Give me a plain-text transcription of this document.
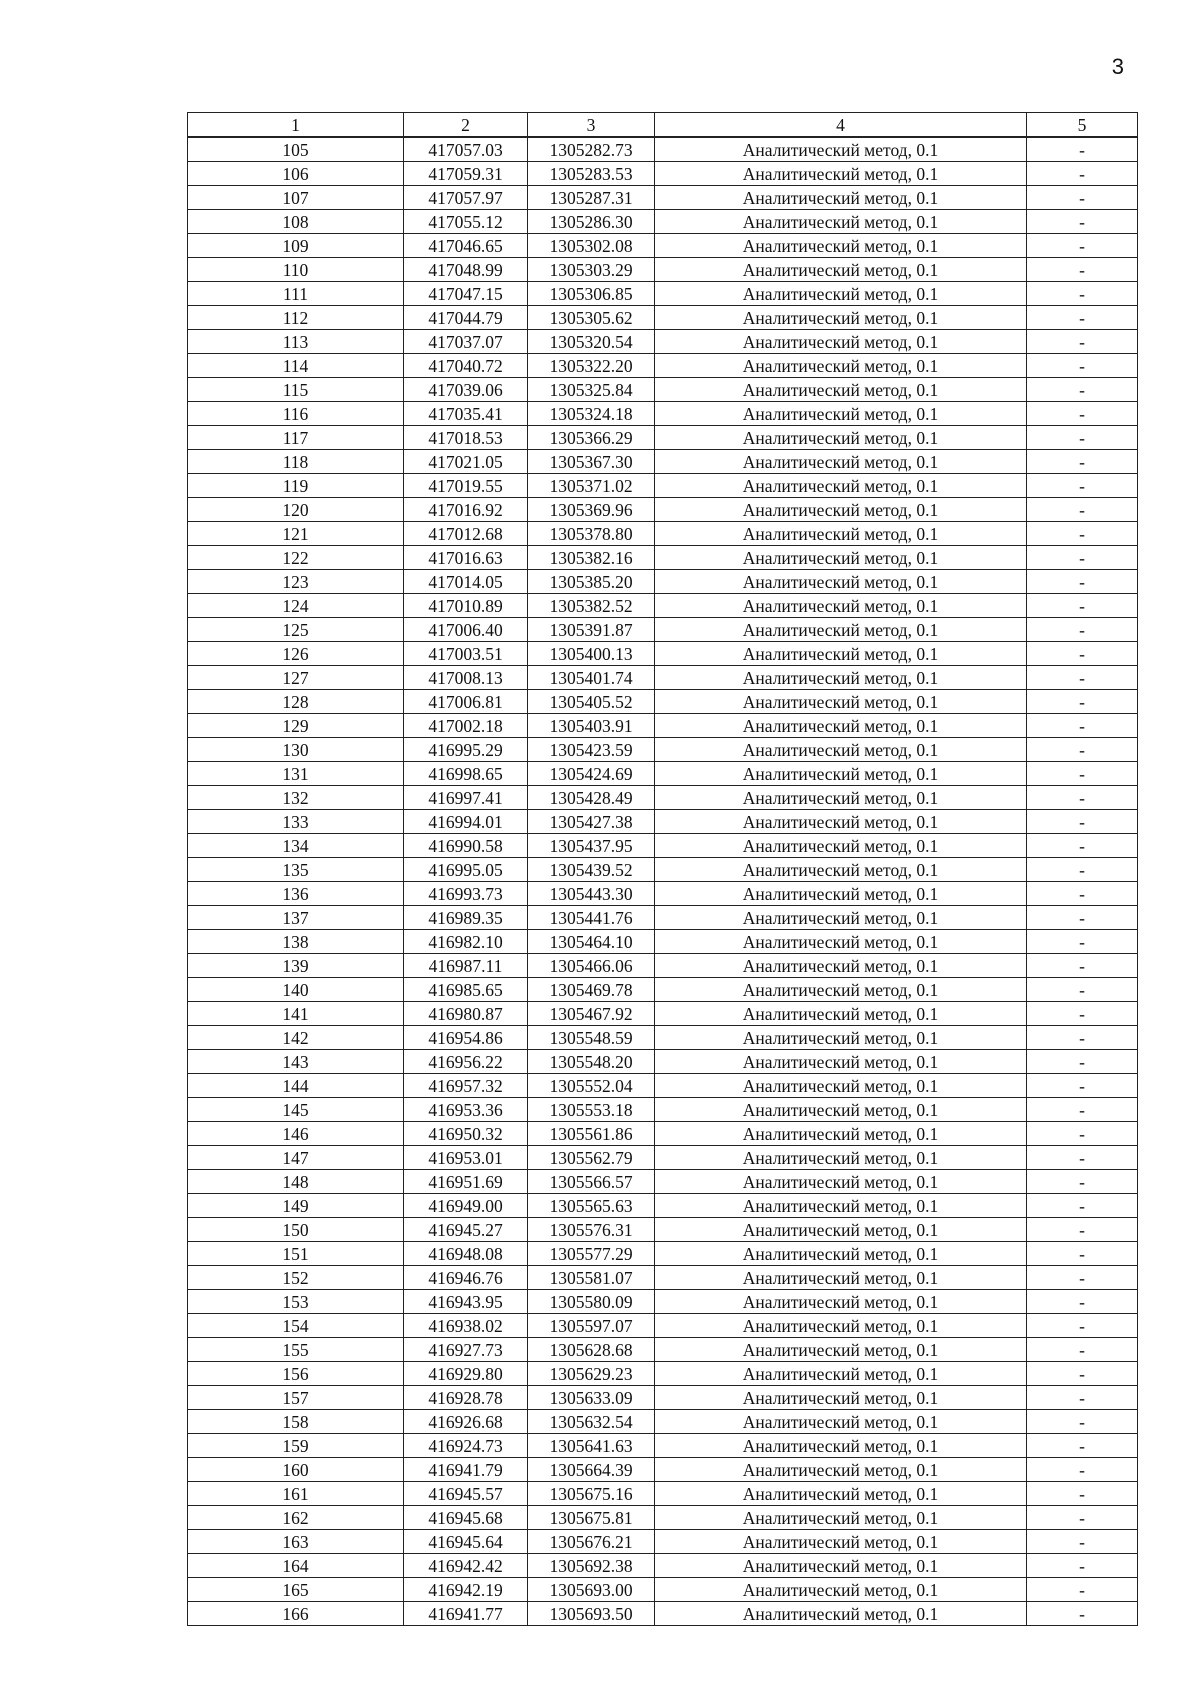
3
1	2	3	4	5
105	417057.03	1305282.73	Аналитический метод, 0.1	-
106	417059.31	1305283.53	Аналитический метод, 0.1	-
107	417057.97	1305287.31	Аналитический метод, 0.1	-
108	417055.12	1305286.30	Аналитический метод, 0.1	-
109	417046.65	1305302.08	Аналитический метод, 0.1	-
110	417048.99	1305303.29	Аналитический метод, 0.1	-
111	417047.15	1305306.85	Аналитический метод, 0.1	-
112	417044.79	1305305.62	Аналитический метод, 0.1	-
113	417037.07	1305320.54	Аналитический метод, 0.1	-
114	417040.72	1305322.20	Аналитический метод, 0.1	-
115	417039.06	1305325.84	Аналитический метод, 0.1	-
116	417035.41	1305324.18	Аналитический метод, 0.1	-
117	417018.53	1305366.29	Аналитический метод, 0.1	-
118	417021.05	1305367.30	Аналитический метод, 0.1	-
119	417019.55	1305371.02	Аналитический метод, 0.1	-
120	417016.92	1305369.96	Аналитический метод, 0.1	-
121	417012.68	1305378.80	Аналитический метод, 0.1	-
122	417016.63	1305382.16	Аналитический метод, 0.1	-
123	417014.05	1305385.20	Аналитический метод, 0.1	-
124	417010.89	1305382.52	Аналитический метод, 0.1	-
125	417006.40	1305391.87	Аналитический метод, 0.1	-
126	417003.51	1305400.13	Аналитический метод, 0.1	-
127	417008.13	1305401.74	Аналитический метод, 0.1	-
128	417006.81	1305405.52	Аналитический метод, 0.1	-
129	417002.18	1305403.91	Аналитический метод, 0.1	-
130	416995.29	1305423.59	Аналитический метод, 0.1	-
131	416998.65	1305424.69	Аналитический метод, 0.1	-
132	416997.41	1305428.49	Аналитический метод, 0.1	-
133	416994.01	1305427.38	Аналитический метод, 0.1	-
134	416990.58	1305437.95	Аналитический метод, 0.1	-
135	416995.05	1305439.52	Аналитический метод, 0.1	-
136	416993.73	1305443.30	Аналитический метод, 0.1	-
137	416989.35	1305441.76	Аналитический метод, 0.1	-
138	416982.10	1305464.10	Аналитический метод, 0.1	-
139	416987.11	1305466.06	Аналитический метод, 0.1	-
140	416985.65	1305469.78	Аналитический метод, 0.1	-
141	416980.87	1305467.92	Аналитический метод, 0.1	-
142	416954.86	1305548.59	Аналитический метод, 0.1	-
143	416956.22	1305548.20	Аналитический метод, 0.1	-
144	416957.32	1305552.04	Аналитический метод, 0.1	-
145	416953.36	1305553.18	Аналитический метод, 0.1	-
146	416950.32	1305561.86	Аналитический метод, 0.1	-
147	416953.01	1305562.79	Аналитический метод, 0.1	-
148	416951.69	1305566.57	Аналитический метод, 0.1	-
149	416949.00	1305565.63	Аналитический метод, 0.1	-
150	416945.27	1305576.31	Аналитический метод, 0.1	-
151	416948.08	1305577.29	Аналитический метод, 0.1	-
152	416946.76	1305581.07	Аналитический метод, 0.1	-
153	416943.95	1305580.09	Аналитический метод, 0.1	-
154	416938.02	1305597.07	Аналитический метод, 0.1	-
155	416927.73	1305628.68	Аналитический метод, 0.1	-
156	416929.80	1305629.23	Аналитический метод, 0.1	-
157	416928.78	1305633.09	Аналитический метод, 0.1	-
158	416926.68	1305632.54	Аналитический метод, 0.1	-
159	416924.73	1305641.63	Аналитический метод, 0.1	-
160	416941.79	1305664.39	Аналитический метод, 0.1	-
161	416945.57	1305675.16	Аналитический метод, 0.1	-
162	416945.68	1305675.81	Аналитический метод, 0.1	-
163	416945.64	1305676.21	Аналитический метод, 0.1	-
164	416942.42	1305692.38	Аналитический метод, 0.1	-
165	416942.19	1305693.00	Аналитический метод, 0.1	-
166	416941.77	1305693.50	Аналитический метод, 0.1	-
